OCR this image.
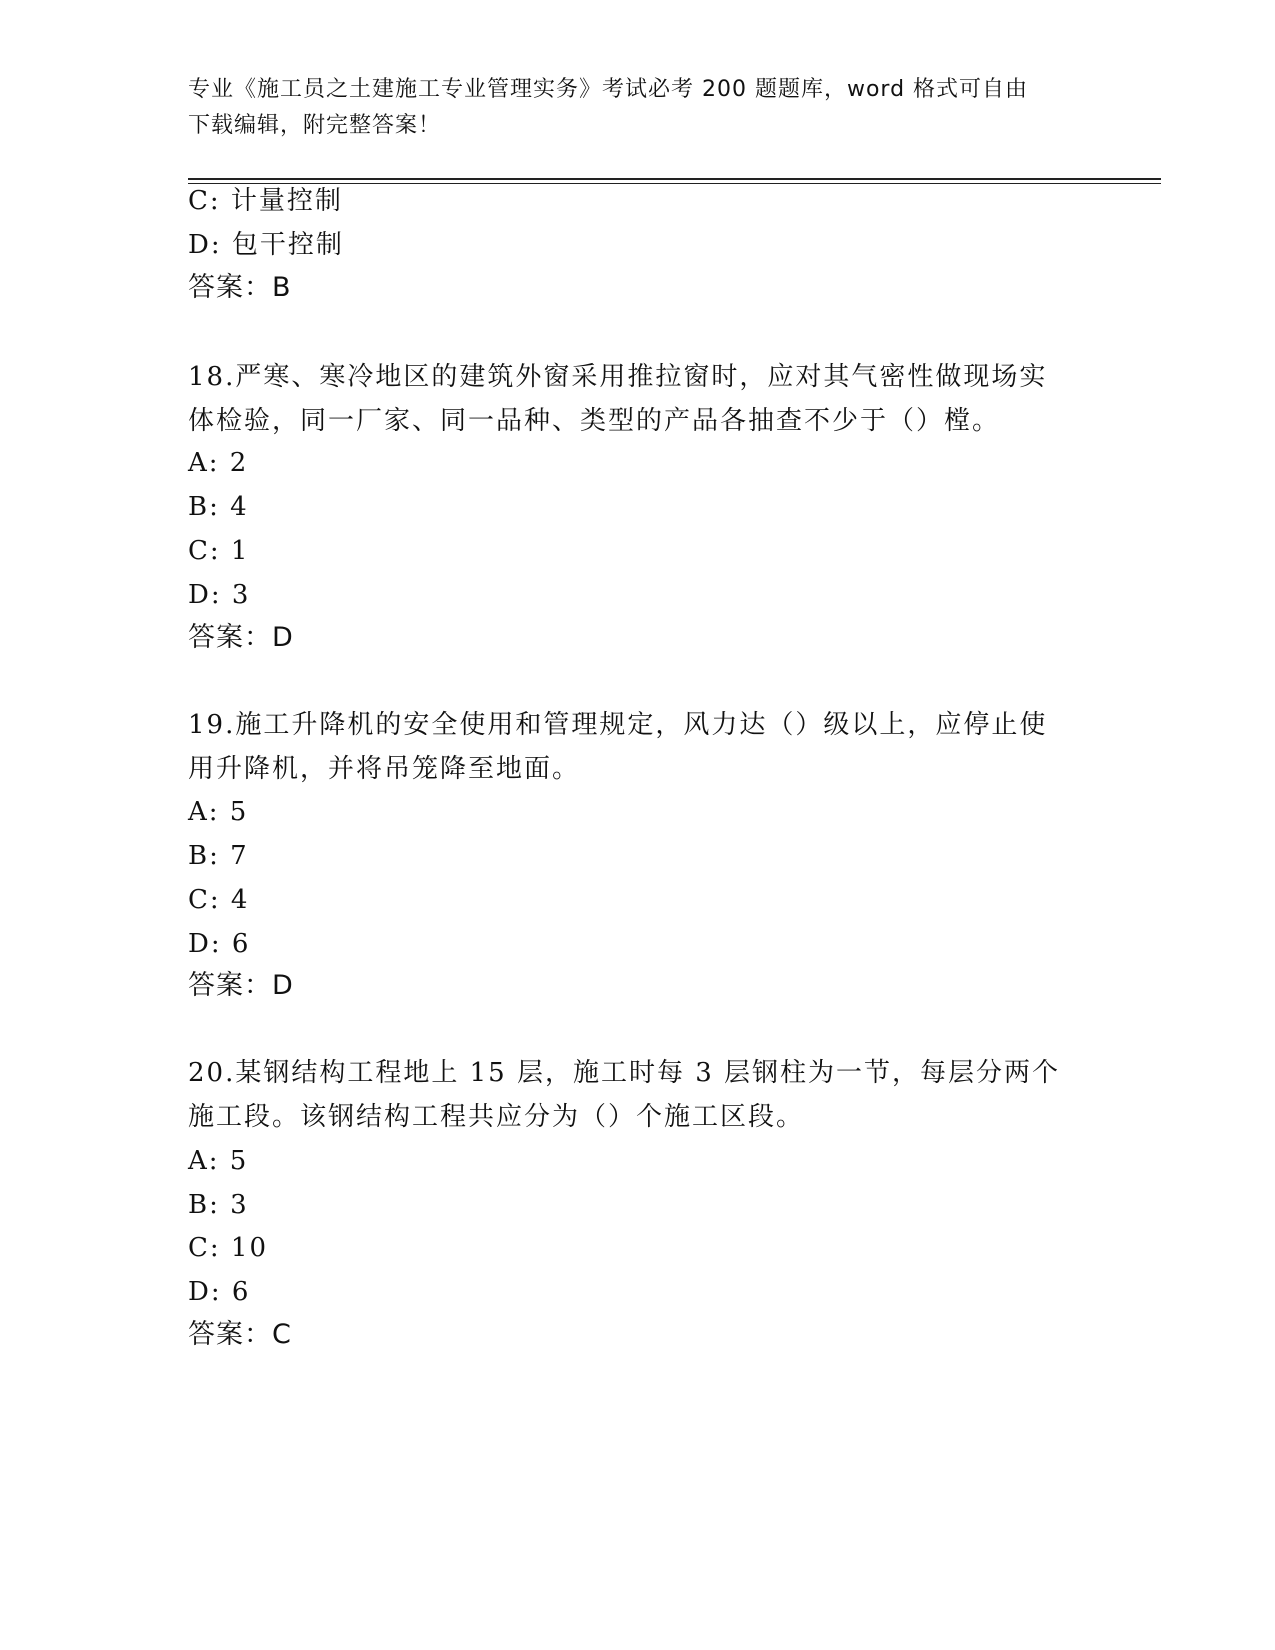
专业《施工员之土建施工专业管理实务》考试必考 200 题题库，word 格式可自由
下载编辑，附完整答案！
C: 计量控制
D: 包干控制
答案：B
18.严寒、寒冷地区的建筑外窗采用推拉窗时，应对其气密性做现场实
体检验，同一厂家、同一品种、类型的产品各抽查不少于（）樘。
A: 2
B: 4
C: 1
D: 3
答案：D
19.施工升降机的安全使用和管理规定，风力达（）级以上，应停止使
用升降机，并将吊笼降至地面。
A: 5
B: 7
C: 4
D: 6
答案：D
20.某钢结构工程地上 15 层，施工时每 3 层钢柱为一节，每层分两个
施工段。该钢结构工程共应分为（）个施工区段。
A: 5
B: 3
C: 10
D: 6
答案：C
